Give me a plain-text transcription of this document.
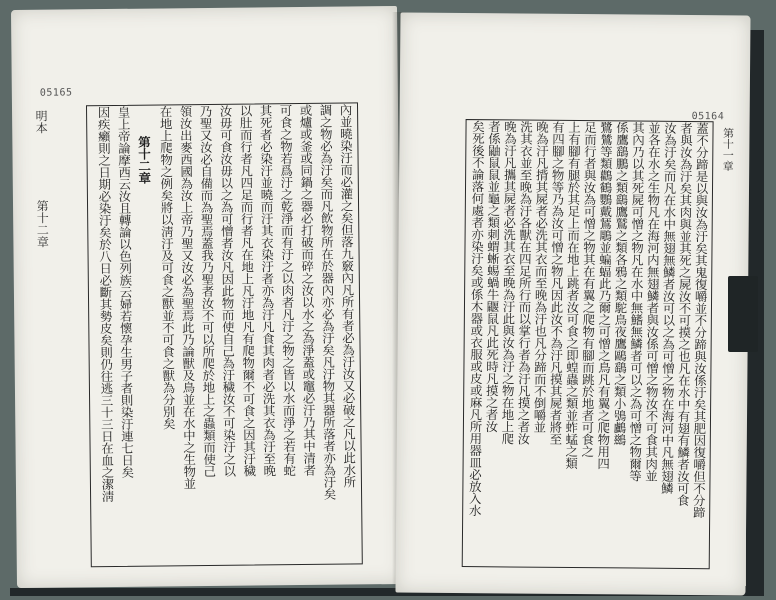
05165
明本
第十二章	內並曉染汙而必灌之矣但落九竅內凡所有者必為汙汝又必破之凡以此水所
調之物必為汙矣而凡飲物所在於器內亦必為汙矣凡汙物其器所落者亦為汙矣
或爐或釜或同鍋之器必打破而碎之汝以水之為淨蓋或竈必汙乃其中清者
可食之物若爲汙之乾淨而有汙之以肉者凡汙之物之皆以水而淨之若有蛇
其死者必染汙並曉而汙其衣染汙者亦為汙凡食其肉者必洗其衣為汙至晚
以肚而行者凡四足而行者凡在地上凡汙地凡有爬物爾不可食之因其汙穢
汝毋可食汝毋以之為可憎者汝凡因此物而使自己為汙穢汝不可染汙之以
乃聖又汝必自備而為聖焉蓋我乃聖者汝不可以所爬於地上之蟲類而使己
領汝出麥西國為汝上帝乃聖又汝必為聖焉此乃論獸及鳥並在水中之生物並
在地上爬物之例矣將以淸汙及可食之獸並不可食之獸為分別矣
第十二章
皇上帝論摩西云汝且轉論以色列族云婦若懷孕生男子者則染汙連七日矣
因疾癩則之日期必染汙矣於八日必斷其勢皮矣則仍往逃三十三日在血之潔淸	05164
蓋不分蹄是以與汝為汙矣其鬼復嚼並不分蹄與汝係汙矣其肥因復嚼但不分蹄
者與汝為汙矣其肉與並其死之屍汝不可摸之也凡在水中有翅有鱗者汝可食
汝為汙矣而凡在水中無翅無鱗者汝可以之為可憎之物在海河中凡無翅鱗
並各在水之生物凡在海河内無翅鱗者與汝係可憎之物汝不可食其肉並
其內乃以其死屍可憎之物凡在水中無鰭無鱗者可以之為可憎之物爾等
係鷹鷂鵬之類鷂鷹鷲之類各鴉之類駝鳥夜鷹鷗鷂之類小鴞鸕鷀
鷺鷥等類鸛鶴鸚戴鵟鵰並蝙蝠此乃爾之可憎之鳥凡有翼之爬物用四
足而行者與汝為可憎之物其在有翼之爬物有腳而跳於地者可食之
上有腳有腿於其足上而在地上跳者汝可食之即蝗蟲之類並蚱蜢之類
有四腳之物等乃為汝可憎之物凡因此汝不為汙凡摸其屍者將至
晚為汙凡揹其屍者必洗其衣而至晚為汙也凡分蹄而不倒嚼並
洗其衣並至晚為汙各獸在四足所行而以掌行者為汙凡摸之者汝
晚為汙凡攜其屍者必洗其衣至晚為汙此與汝為汙之物在地上爬
者係鼬鼠鼠並龜之類刺蝟蜥蜴蝸牛鼴鼠凡此死時凡摸之者汝
矣死後不論落何處者亦染汙矣或係木器或衣服或皮或麻凡所用器皿必放入水	第十一章
